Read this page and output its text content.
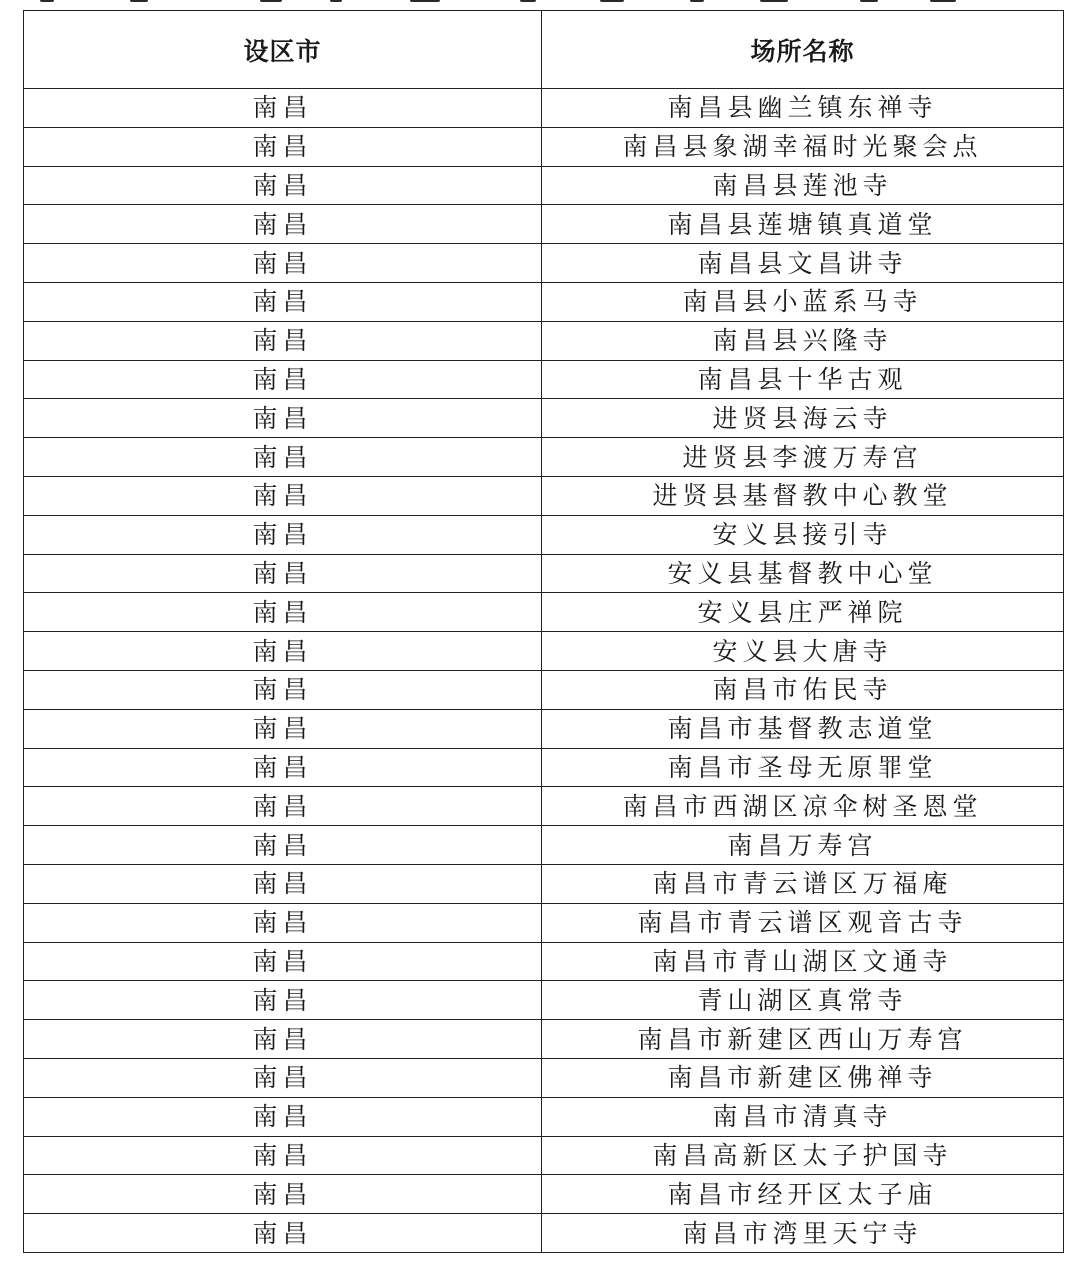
设区市	场所名称
南昌	南昌县幽兰镇东禅寺
南昌	南昌县象湖幸福时光聚会点
南昌	南昌县莲池寺
南昌	南昌县莲塘镇真道堂
南昌	南昌县文昌讲寺
南昌	南昌县小蓝系马寺
南昌	南昌县兴隆寺
南昌	南昌县十华古观
南昌	进贤县海云寺
南昌	进贤县李渡万寿宫
南昌	进贤县基督教中心教堂
南昌	安义县接引寺
南昌	安义县基督教中心堂
南昌	安义县庄严禅院
南昌	安义县大唐寺
南昌	南昌市佑民寺
南昌	南昌市基督教志道堂
南昌	南昌市圣母无原罪堂
南昌	南昌市西湖区凉伞树圣恩堂
南昌	南昌万寿宫
南昌	南昌市青云谱区万福庵
南昌	南昌市青云谱区观音古寺
南昌	南昌市青山湖区文通寺
南昌	青山湖区真常寺
南昌	南昌市新建区西山万寿宫
南昌	南昌市新建区佛禅寺
南昌	南昌市清真寺
南昌	南昌高新区太子护国寺
南昌	南昌市经开区太子庙
南昌	南昌市湾里天宁寺
